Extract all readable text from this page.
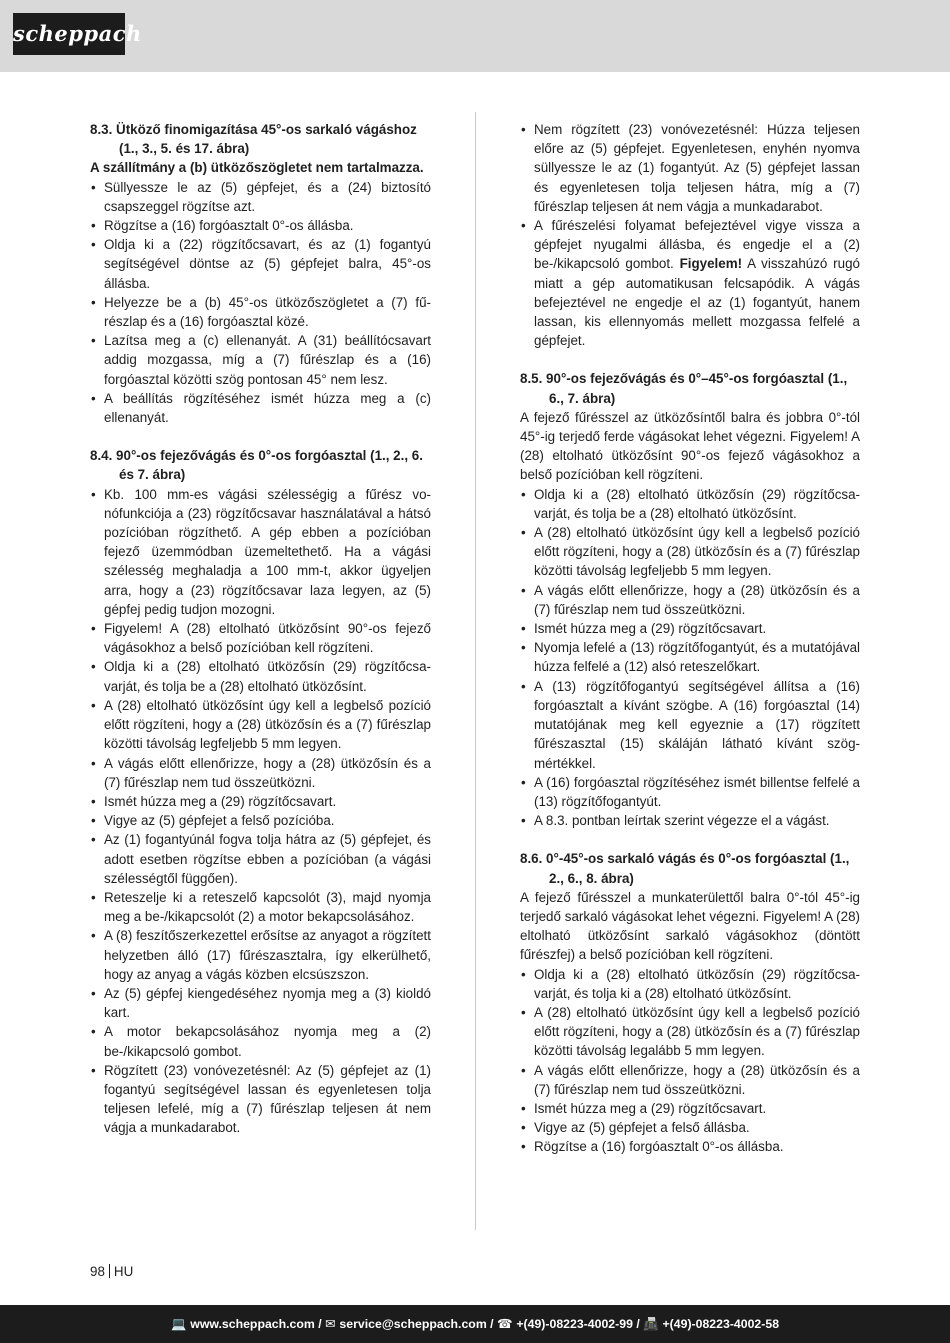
scheppach
8.3. Ütköző finomigazítása 45°-os sarkaló vágáshoz (1., 3., 5. és 17. ábra)
A szállítmány a (b) ütközőszögletet nem tartalmazza.
• Süllyessze le az (5) gépfejet, és a (24) biztosító csapszeggel rögzítse azt.
• Rögzítse a (16) forgóasztalt 0°-os állásba.
• Oldja ki a (22) rögzítőcsavart, és az (1) fogantyú segítségével döntse az (5) gépfejet balra, 45°-os állásba.
• Helyezze be a (b) 45°-os ütközőszögletet a (7) fűrészlap és a (16) forgóasztal közé.
• Lazítsa meg a (c) ellenanyát. A (31) beállítócsavart addig mozgassa, míg a (7) fűrészlap és a (16) forgóasztal közötti szög pontosan 45° nem lesz.
• A beállítás rögzítéséhez ismét húzza meg a (c) ellenanyát.
8.4. 90°-os fejezővágás és 0°-os forgóasztal (1., 2., 6. és 7. ábra)
• Kb. 100 mm-es vágási szélességig a fűrész vonófunkciója a (23) rögzítőcsavar használatával a hátsó pozícióban rögzíthető. A gép ebben a pozícióban fejező üzemmódban üzemeltethető. Ha a vágási szélesség meghaladja a 100 mm-t, akkor ügyeljen arra, hogy a (23) rögzítőcsavar laza legyen, az (5) gépfej pedig tudjon mozogni.
• Figyelem! A (28) eltolható ütközősínt 90°-os fejező vágásokhoz a belső pozícióban kell rögzíteni.
• Oldja ki a (28) eltolható ütközősín (29) rögzítőcsavarját, és tolja be a (28) eltolható ütközősínt.
• A (28) eltolható ütközősínt úgy kell a legbelső pozíció előtt rögzíteni, hogy a (28) ütközősín és a (7) fűrészlap közötti távolság legfeljebb 5 mm legyen.
• A vágás előtt ellenőrizze, hogy a (28) ütközősín és a (7) fűrészlap nem tud összeütközni.
• Ismét húzza meg a (29) rögzítőcsavart.
• Vigye az (5) gépfejet a felső pozícióba.
• Az (1) fogantyúnál fogva tolja hátra az (5) gépfejet, és adott esetben rögzítse ebben a pozícióban (a vágási szélességtől függően).
• Reteszelje ki a reteszelő kapcsolót (3), majd nyomja meg a be-/kikapcsolót (2) a motor bekapcsolásához.
• A (8) feszítőszerkezettel erősítse az anyagot a rögzített helyzetben álló (17) fűrészasztalra, így elkerülhető, hogy az anyag a vágás közben elcsúszszon.
• Az (5) gépfej kiengedéséhez nyomja meg a (3) kioldó kart.
• A motor bekapcsolásához nyomja meg a (2) be-/kikapcsoló gombot.
• Rögzített (23) vonóvezetésnél: Az (5) gépfejet az (1) fogantyú segítségével lassan és egyenletesen tolja teljesen lefelé, míg a (7) fűrészlap teljesen át nem vágja a munkadarabot.
• Nem rögzített (23) vonóvezetésnél: Húzza teljesen előre az (5) gépfejet. Egyenletesen, enyhén nyomva süllyessze le az (1) fogantyút. Az (5) gépfejet lassan és egyenletesen tolja teljesen hátra, míg a (7) fűrészlap teljesen át nem vágja a munkadarabot.
• A fűrészelési folyamat befejeztével vigye vissza a gépfejet nyugalmi állásba, és engedje el a (2) be-/kikapcsoló gombot. Figyelem! A visszahúzó rugó miatt a gép automatikusan felcsapódik. A vágás befejeztével ne engedje el az (1) fogantyút, hanem lassan, kis ellennyomás mellett mozgassa felfelé a gépfejet.
8.5. 90°-os fejezővágás és 0°–45°-os forgóasztal (1., 6., 7. ábra)

A fejező fűrésszel az ütközősíntől balra és jobbra 0°-tól 45°-ig terjedő ferde vágásokat lehet végezni. Figyelem! A (28) eltolható ütközősínt 90°-os fejező vágásokhoz a belső pozícióban kell rögzíteni.

• Oldja ki a (28) eltolható ütközősín (29) rögzítőcsavarját, és tolja be a (28) eltolható ütközősínt.
• A (28) eltolható ütközősínt úgy kell a legbelső pozíció előtt rögzíteni, hogy a (28) ütközősín és a (7) fűrészlap közötti távolság legfeljebb 5 mm legyen.
• A vágás előtt ellenőrizze, hogy a (28) ütközősín és a (7) fűrészlap nem tud összeütközni.
• Ismét húzza meg a (29) rögzítőcsavart.
• Nyomja lefelé a (13) rögzítőfogantyút, és a mutatójával húzza felfelé a (12) alsó reteszelőkart.
• A (13) rögzítőfogantyú segítségével állítsa a (16) forgóasztalt a kívánt szögbe. A (16) forgóasztal (14) mutatójának meg kell egyeznie a (17) rögzített fűrészasztal (15) skáláján látható kívánt szögmértékkel.
• A (16) forgóasztal rögzítéséhez ismét billentse felfelé a (13) rögzítőfogantyút.
• A 8.3. pontban leírtak szerint végezze el a vágást.
8.6. 0°-45°-os sarkaló vágás és 0°-os forgóasztal (1., 2., 6., 8. ábra)

A fejező fűrésszel a munkaterülettől balra 0°-tól 45°-ig terjedő sarkaló vágásokat lehet végezni. Figyelem! A (28) eltolható ütközősínt sarkaló vágásokhoz (döntött fűrészfej) a belső pozícióban kell rögzíteni.

• Oldja ki a (28) eltolható ütközősín (29) rögzítőcsavarját, és tolja ki a (28) eltolható ütközősínt.
• A (28) eltolható ütközősínt úgy kell a legbelső pozíció előtt rögzíteni, hogy a (28) ütközősín és a (7) fűrészlap közötti távolság legalább 5 mm legyen.
• A vágás előtt ellenőrizze, hogy a (28) ütközősín és a (7) fűrészlap nem tud összeütközni.
• Ismét húzza meg a (29) rögzítőcsavart.
• Vigye az (5) gépfejet a felső állásba.
• Rögzítse a (16) forgóasztalt 0°-os állásba.
98 HU
💻 www.scheppach.com / ✉ service@scheppach.com / ☎ +(49)-08223-4002-99 / 📠 +(49)-08223-4002-58
